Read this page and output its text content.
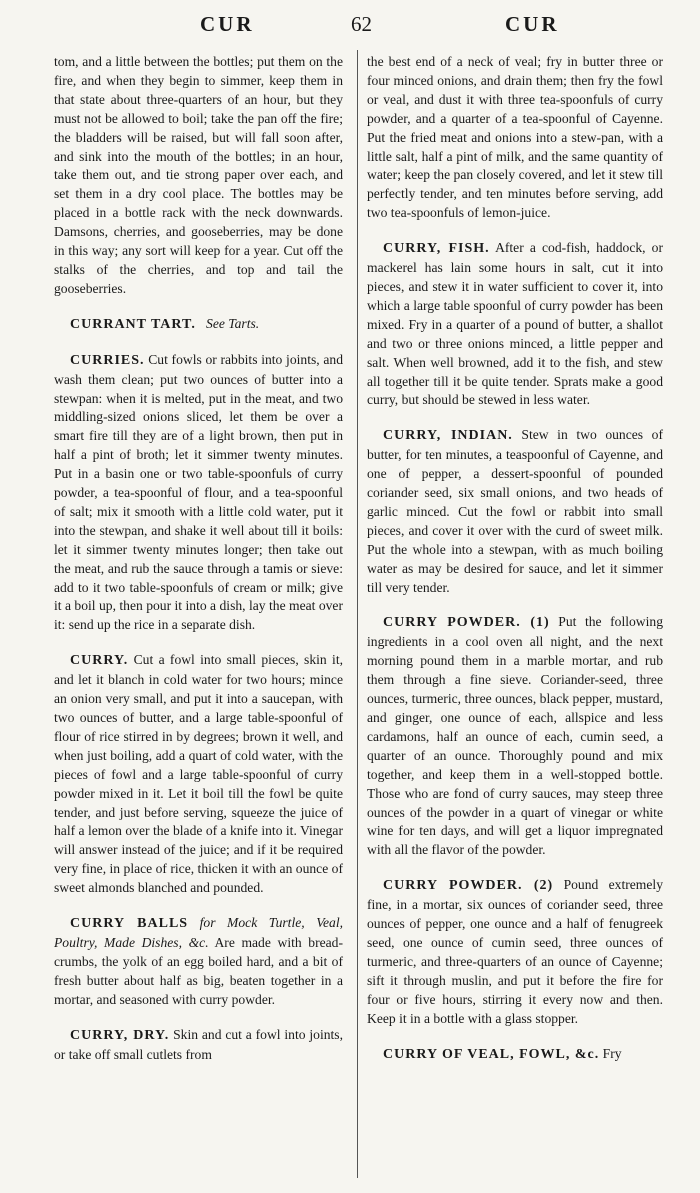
CUR	62	CUR

tom, and a little between the bottles; put them on the fire, and when they begin to simmer, keep them in that state about three-quarters of an hour, but they must not be allowed to boil; take the pan off the fire; the bladders will be raised, but will fall soon after, and sink into the mouth of the bottles; in an hour, take them out, and tie strong paper over each, and set them in a dry cool place. The bottles may be placed in a bottle rack with the neck downwards. Damsons, cherries, and gooseberries, may be done in this way; any sort will keep for a year. Cut off the stalks of the cherries, and top and tail the gooseberries.

CURRANT TART. See Tarts.

CURRIES. Cut fowls or rabbits into joints, and wash them clean; put two ounces of butter into a stewpan: when it is melted, put in the meat, and two middling-sized onions sliced, let them be over a smart fire till they are of a light brown, then put in half a pint of broth; let it simmer twenty minutes. Put in a basin one or two table-spoonfuls of curry powder, a tea-spoonful of flour, and a tea-spoonful of salt; mix it smooth with a little cold water, put it into the stewpan, and shake it well about till it boils: let it simmer twenty minutes longer; then take out the meat, and rub the sauce through a tamis or sieve: add to it two table-spoonfuls of cream or milk; give it a boil up, then pour it into a dish, lay the meat over it: send up the rice in a separate dish.

CURRY. Cut a fowl into small pieces, skin it, and let it blanch in cold water for two hours; mince an onion very small, and put it into a saucepan, with two ounces of butter, and a large table-spoonful of flour of rice stirred in by degrees; brown it well, and when just boiling, add a quart of cold water, with the pieces of fowl and a large table-spoonful of curry powder mixed in it. Let it boil till the fowl be quite tender, and just before serving, squeeze the juice of half a lemon over the blade of a knife into it. Vinegar will answer instead of the juice; and if it be required very fine, in place of rice, thicken it with an ounce of sweet almonds blanched and pounded.

CURRY BALLS for Mock Turtle, Veal, Poultry, Made Dishes, &c. Are made with bread-crumbs, the yolk of an egg boiled hard, and a bit of fresh butter about half as big, beaten together in a mortar, and seasoned with curry powder.

CURRY, DRY. Skin and cut a fowl into joints, or take off small cutlets from

the best end of a neck of veal; fry in butter three or four minced onions, and drain them; then fry the fowl or veal, and dust it with three tea-spoonfuls of curry powder, and a quarter of a tea-spoonful of Cayenne. Put the fried meat and onions into a stew-pan, with a little salt, half a pint of milk, and the same quantity of water; keep the pan closely covered, and let it stew till perfectly tender, and ten minutes before serving, add two tea-spoonfuls of lemon-juice.

CURRY, FISH. After a cod-fish, haddock, or mackerel has lain some hours in salt, cut it into pieces, and stew it in water sufficient to cover it, into which a large table spoonful of curry powder has been mixed. Fry in a quarter of a pound of butter, a shallot and two or three onions minced, a little pepper and salt. When well browned, add it to the fish, and stew all together till it be quite tender. Sprats make a good curry, but should be stewed in less water.

CURRY, INDIAN. Stew in two ounces of butter, for ten minutes, a teaspoonful of Cayenne, and one of pepper, a dessert-spoonful of pounded coriander seed, six small onions, and two heads of garlic minced. Cut the fowl or rabbit into small pieces, and cover it over with the curd of sweet milk. Put the whole into a stewpan, with as much boiling water as may be desired for sauce, and let it simmer till very tender.

CURRY POWDER. (1) Put the following ingredients in a cool oven all night, and the next morning pound them in a marble mortar, and rub them through a fine sieve. Coriander-seed, three ounces, turmeric, three ounces, black pepper, mustard, and ginger, one ounce of each, allspice and less cardamons, half an ounce of each, cumin seed, a quarter of an ounce. Thoroughly pound and mix together, and keep them in a well-stopped bottle. Those who are fond of curry sauces, may steep three ounces of the powder in a quart of vinegar or white wine for ten days, and will get a liquor impregnated with all the flavor of the powder.

CURRY POWDER. (2) Pound extremely fine, in a mortar, six ounces of coriander seed, three ounces of pepper, one ounce and a half of fenugreek seed, one ounce of cumin seed, three ounces of turmeric, and three-quarters of an ounce of Cayenne; sift it through muslin, and put it before the fire for four or five hours, stirring it every now and then. Keep it in a bottle with a glass stopper.

CURRY OF VEAL, FOWL, &c. Fry
